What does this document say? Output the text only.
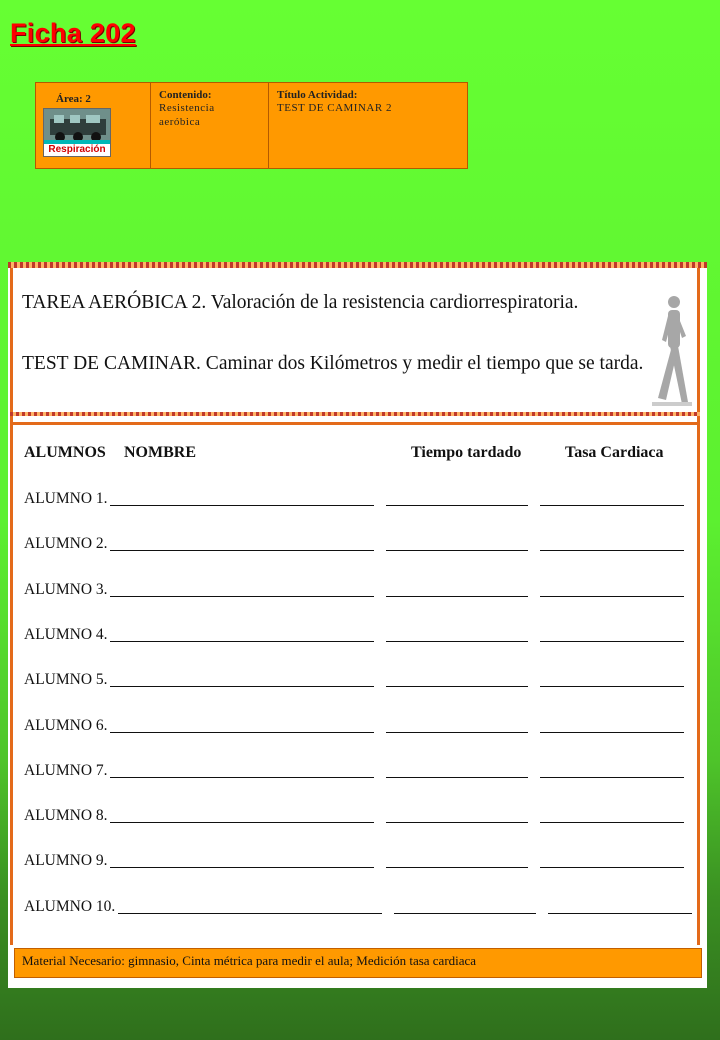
Ficha 202
Área: 2
Respiración
Contenido:
Resistencia
aeróbica
Título Actividad:
TEST DE CAMINAR 2
TAREA AERÓBICA 2. Valoración de la resistencia cardiorrespiratoria.
TEST DE CAMINAR. Caminar dos Kilómetros y medir el tiempo que se tarda.
ALUMNOS NOMBRE	Tiempo tardado	Tasa Cardiaca
ALUMNO 1.
ALUMNO 2.
ALUMNO 3.
ALUMNO 4.
ALUMNO 5.
ALUMNO 6.
ALUMNO 7.
ALUMNO 8.
ALUMNO 9.
ALUMNO 10.
Material Necesario: gimnasio, Cinta métrica para medir el aula; Medición tasa cardiaca
